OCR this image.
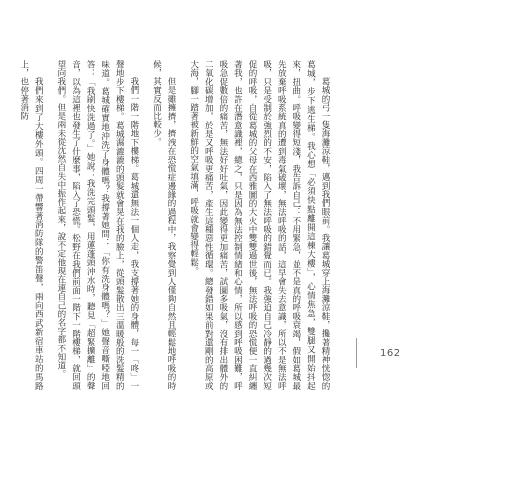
葛城的弓一隻海灘涼鞋，邁到我們眼前。我讓葛城穿上海灘涼鞋，攙著精神恍惚的葛城，步下逃生梯。我心想「必須快點離開這棟大樓」，心情焦急，雙腿又開始抖起來，扭曲。呼吸變得短淺，我告訴自己：不用緊急，並不是真的呼吸衰竭，假如葛城最先放棄呼吸系統真的遭到毒氣破壞，無法呼吸的話，這早會失去意識，所以不是無法呼吸，只是受制於強烈的不安，陷入了無法呼吸的錯覺而已。我強迫自己冷靜的過幾次短促的呼吸，自從葛城的父母在西雅圖的大火中雙雙過世後，無法呼吸的恐慌便一直糾纏著我，也許在潛意識裡，總之，只是因為無法控制情緒和心情，所以感到呼吸困難，呼吸急促數倍的痛苦，無法好好吐氣，因此變得更加痛苦，試圖多吸氣，沒有排出體外的二氧化碳增加，於是又呼吸更痛苦，產生這種惡性循環。總發錯如果前對還剛的高原或大海，腳一踏著被新鮮的空氣填滿，呼吸就會變得輕鬆。

但是雖擁擠，擠洩在恐慌症邊緣的過程中，我察覺到人僅夠自然且輕鬆地呼吸的時候，其實反而比較少。

我們一階一階地下樓梯。葛城還無法一個人走，我支撐著她的身體，每一「咚」一聲地步下樓梯。葛城濕漉漉的頭髮就會晃在我的臉上，從頭髮散出三溫暖般的洗髮精的味道。葛城確實地沖洗了身體嗎？我撐著她問：「你有洗身體嗎？」她聲音嘶啞地回答：「我刷快洗過了。」她說：我洗完頭髮，用蓮蓬頭沖水時，聽見「超緊擴離」的聲音，以為這裡也發生了什麼事，陷入了恐慌。松野在我們前面一階下一階樓梯，就回頭望向我們。但是兩未從沈然自失中振作起來，說不定他現在連自己的名字都不知道。

我們來到了大樓外頭。四周一帶響著消防隊的警笛聲，兩向西武新宿車站的馬路上，也停著消防

162
